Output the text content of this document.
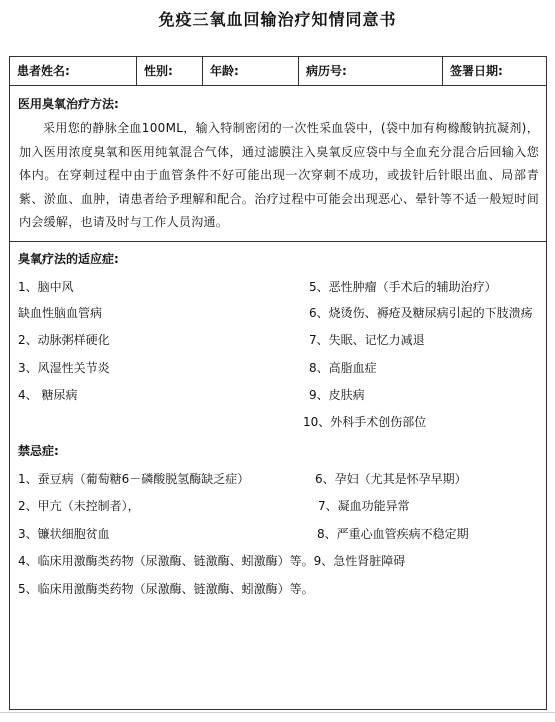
免疫三氧血回输治疗知情同意书
患者姓名:	性别:	年龄:	病历号:	签署日期:
医用臭氧治疗方法:
采用您的静脉全血100ML，输入特制密闭的一次性采血袋中，(袋中加有枸橼酸钠抗凝剂)，加入医用浓度臭氧和医用纯氧混合气体，通过滤膜注入臭氧反应袋中与全血充分混合后回输入您体内。在穿刺过程中由于血管条件不好可能出现一次穿刺不成功，或拔针后针眼出血、局部青紫、淤血、血肿，请患者给予理解和配合。治疗过程中可能会出现恶心、晕针等不适一般短时间内会缓解，也请及时与工作人员沟通。
臭氧疗法的适应症:
1、脑中风
缺血性脑血管病
2、动脉粥样硬化
3、风湿性关节炎
4、 糖尿病
5、恶性肿瘤（手术后的辅助治疗）
6、烧烫伤、褥疮及糖尿病引起的下肢溃疡
7、失眠、记忆力减退
8、高脂血症
9、皮肤病
10、外科手术创伤部位
禁忌症:
1、蚕豆病（葡萄糖6－磷酸脱氢酶缺乏症）
2、甲亢（未控制者），
3、镰状细胞贫血
6、孕妇（尤其是怀孕早期）
7、凝血功能异常
8、严重心血管疾病不稳定期
4、临床用激酶类药物（尿激酶、链激酶、蚓激酶）等。9、急性肾脏障碍
5、临床用激酶类药物（尿激酶、链激酶、蚓激酶）等。
